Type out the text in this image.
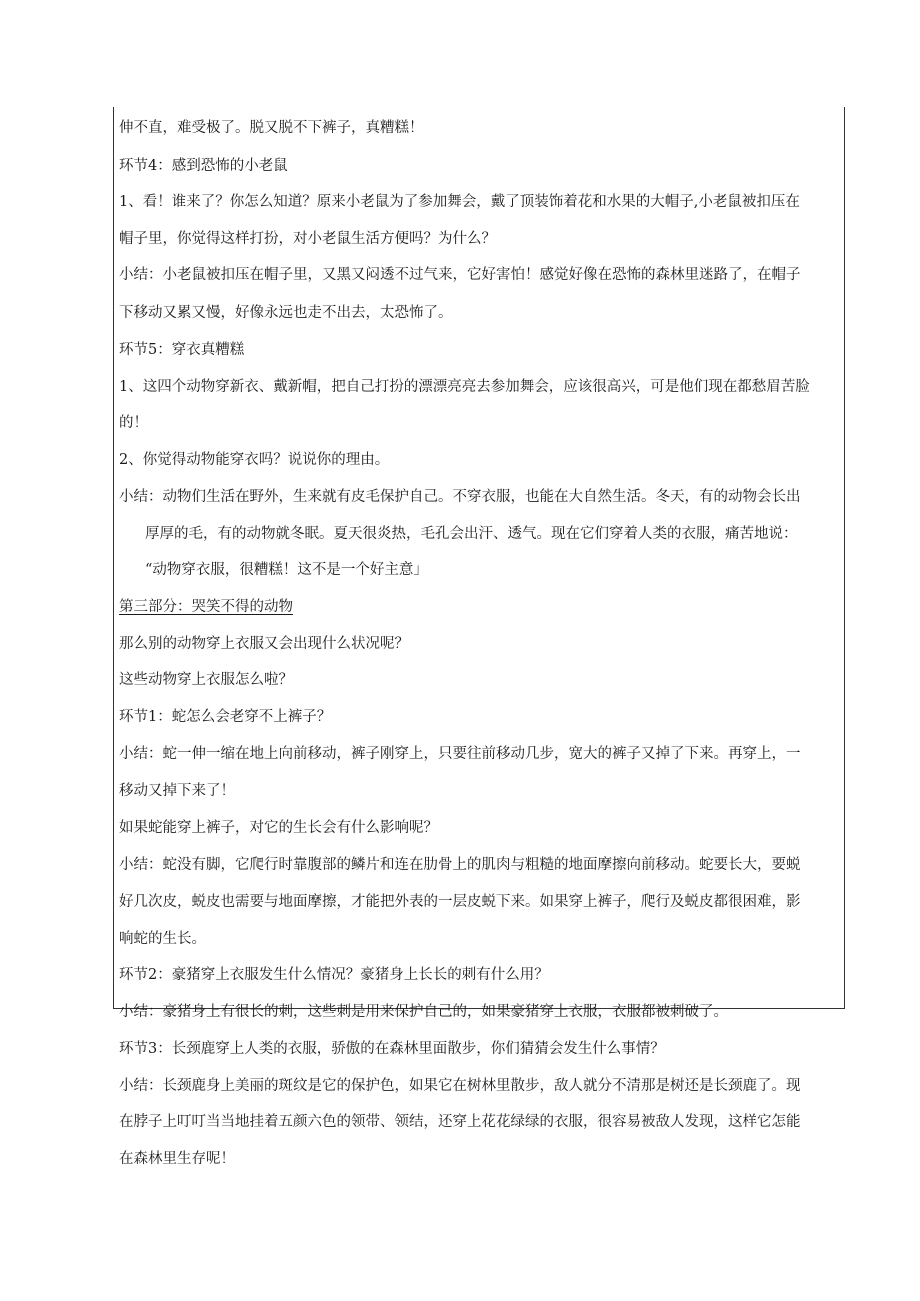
伸不直，难受极了。脱又脱不下裤子，真糟糕！
环节4：感到恐怖的小老鼠
1、看！谁来了？你怎么知道？原来小老鼠为了参加舞会，戴了顶装饰着花和水果的大帽子,小老鼠被扣压在
帽子里，你觉得这样打扮，对小老鼠生活方便吗？为什么？
小结：小老鼠被扣压在帽子里，又黑又闷透不过气来，它好害怕！感觉好像在恐怖的森林里迷路了，在帽子
下移动又累又慢，好像永远也走不出去，太恐怖了。
环节5：穿衣真糟糕
1、这四个动物穿新衣、戴新帽，把自己打扮的漂漂亮亮去参加舞会，应该很高兴，可是他们现在都愁眉苦脸
的！
2、你觉得动物能穿衣吗？说说你的理由。
小结：动物们生活在野外，生来就有皮毛保护自己。不穿衣服，也能在大自然生活。冬天，有的动物会长出
厚厚的毛，有的动物就冬眠。夏天很炎热，毛孔会出汗、透气。现在它们穿着人类的衣服，痛苦地说：
“动物穿衣服，很糟糕！这不是一个好主意」
第三部分：哭笑不得的动物
那么别的动物穿上衣服又会出现什么状况呢？
这些动物穿上衣服怎么啦？
环节1：蛇怎么会老穿不上裤子？
小结：蛇一伸一缩在地上向前移动，裤子刚穿上，只要往前移动几步，宽大的裤子又掉了下来。再穿上，一
移动又掉下来了！
如果蛇能穿上裤子，对它的生长会有什么影响呢？
小结：蛇没有脚，它爬行时靠腹部的鳞片和连在肋骨上的肌肉与粗糙的地面摩擦向前移动。蛇要长大，要蜕
好几次皮，蜕皮也需要与地面摩擦，才能把外表的一层皮蜕下来。如果穿上裤子，爬行及蜕皮都很困难，影
响蛇的生长。
环节2：豪猪穿上衣服发生什么情况？豪猪身上长长的刺有什么用？
小结：豪猪身上有很长的刺，这些刺是用来保护自己的，如果豪猪穿上衣服，衣服都被刺破了。
环节3：长颈鹿穿上人类的衣服，骄傲的在森林里面散步，你们猜猜会发生什么事情？
小结：长颈鹿身上美丽的斑纹是它的保护色，如果它在树林里散步，敌人就分不清那是树还是长颈鹿了。现
在脖子上叮叮当当地挂着五颜六色的领带、领结，还穿上花花绿绿的衣服，很容易被敌人发现，这样它怎能
在森林里生存呢！
